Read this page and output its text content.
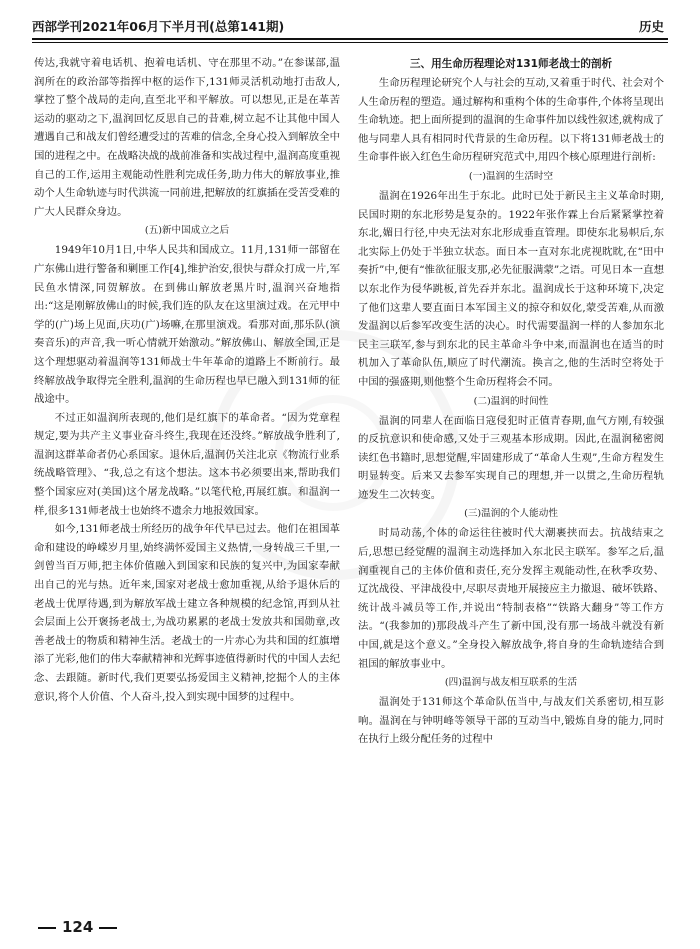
西部学刊2021年06月下半月刊(总第141期)	历史

传达,我就守着电话机、抱着电话机、守在那里不动。”在参谋部,温润所在的政治部等指挥中枢的运作下,131师灵活机动地打击敌人,掌控了整个战局的走向,直至北平和平解放。可以想见,正是在革苦运动的驱动之下,温润回忆反思自己的昔难,树立起不让其他中国人遭遇自己和战友们曾经遭受过的苦难的信念,全身心投入到解放全中国的进程之中。在战略决战的战前准备和实战过程中,温润高度重视自己的工作,运用主观能动性胜利完成任务,助力伟大的解放事业,推动个人生命轨迹与时代洪流一同前进,把解放的红旗插在受苦受难的广大人民群众身边。

(五)新中国成立之后

1949年10月1日,中华人民共和国成立。11月,131师一部留在广东佛山进行警备和剿匪工作[4],维护治安,很快与群众打成一片,军民鱼水情深,同贺解放。在到佛山解放老黑片时,温润兴奋地指出:“这是刚解放佛山的时候,我们连的队友在这里演过戏。在元甲中学的(广)场上见面,庆功(广)场嘛,在那里演戏。看那对面,那乐队(演奏音乐)的声音,我一听心情就开始激动。”解放佛山、解放全国,正是这个理想驱动着温润等131师战士牛年革命的道路上不断前行。最终解放战争取得完全胜利,温润的生命历程也早已融入到131师的征战途中。

不过正如温润所表现的,他们是红旗下的革命者。“因为党章程规定,要为共产主义事业奋斗终生,我现在还没终。”解放战争胜利了,温润这群革命者仍心系国家。退休后,温润仍关注北京《物流行业系统战略管理》、“我,总之有这个想法。这本书必须要出来,帮助我们整个国家应对(美国)这个屠龙战略。”以笔代枪,再展红旗。和温润一样,很多131师老战士也始终不遗余力地报效国家。

如今,131师老战士所经历的战争年代早已过去。他们在祖国革命和建设的峥嵘岁月里,始终满怀爱国主义热情,一身转战三千里,一剑曾当百万师,把主体价值融入到国家和民族的复兴中,为国家奉献出自己的光与热。近年来,国家对老战士愈加重视,从给予退休后的老战士优厚待遇,到为解放军战士建立各种规模的纪念馆,再到从社会层面上公开褒扬老战士,为战功累累的老战士发放共和国勋章,改善老战士的物质和精神生活。老战士的一片赤心为共和国的红旗增添了光彩,他们的伟大奉献精神和光辉事迹值得新时代的中国人去纪念、去跟随。新时代,我们更要弘扬爱国主义精神,挖掘个人的主体意识,将个人价值、个人奋斗,投入到实现中国梦的过程中。

三、用生命历程理论对131师老战士的剖析

生命历程理论研究个人与社会的互动,又着重于时代、社会对个人生命历程的塑造。通过解构和重构个体的生命事件,个体将呈现出生命轨迹。把上面所提到的温润的生命事件加以线性叙述,就构成了他与同辈人具有相同时代背景的生命历程。以下将131师老战士的生命事件嵌入红色生命历程研究范式中,用四个核心原理进行剖析:

(一)温润的生活时空

温润在1926年出生于东北。此时已处于新民主主义革命时期,民国时期的东北形势是复杂的。1922年张作霖上台后紧紧掌控着东北,媚日行径,中央无法对东北形成垂直管理。即使东北易帜后,东北实际上仍处于半独立状态。面日本一直对东北虎视眈眈,在“田中奏折”中,便有“惟欲征服支那,必先征服满蒙”之语。可见日本一直想以东北作为侵华跳板,首先吞并东北。温润成长于这种环境下,决定了他们这辈人要直面日本军国主义的掠夺和奴化,蒙受苦难,从而激发温润以后参军改变生活的决心。时代需要温润一样的人参加东北民主三联军,参与到东北的民主革命斗争中来,而温润也在适当的时机加入了革命队伍,顺应了时代潮流。换言之,他的生活时空将处于中国的强盛期,则他整个生命历程将会不同。

(二)温润的时间性

温润的同辈人在面临日寇侵犯时正值青春期,血气方刚,有较强的反抗意识和使命感,又处于三观基本形成期。因此,在温润秘密阅读红色书籍时,思想觉醒,牢固建形成了“革命人生观”,生命方程发生明显转变。后来又去参军实现自己的理想,并一以贯之,生命历程轨迹发生二次转变。

(三)温润的个人能动性

时局动荡,个体的命运往往被时代大潮裹挟而去。抗战结束之后,思想已经觉醒的温润主动选择加入东北民主联军。参军之后,温润重视自己的主体价值和责任,充分发挥主观能动性,在秋季攻势、辽沈战役、平津战役中,尽职尽责地开展接应主力撤退、破坏铁路、统计战斗减员等工作,并说出“特制表格”“铁路大翻身”等工作方法。“(我参加的)那段战斗产生了新中国,没有那一场战斗就没有新中国,就是这个意义。”全身投入解放战争,将自身的生命轨迹结合到祖国的解放事业中。

(四)温润与战友相互联系的生活

温润处于131师这个革命队伍当中,与战友们关系密切,相互影响。温润在与钟明峰等领导干部的互动当中,锻炼自身的能力,同时在执行上级分配任务的过程中

124
